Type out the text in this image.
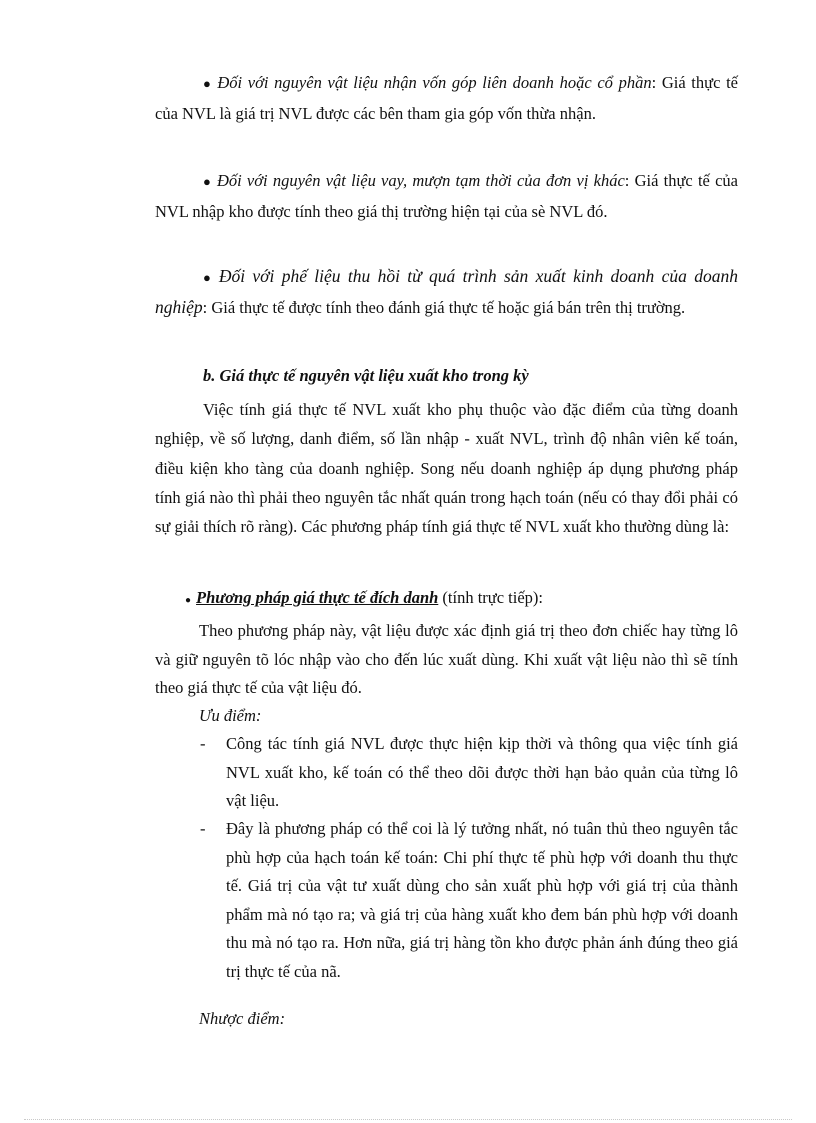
● Đối với nguyên vật liệu nhận vốn góp liên doanh hoặc cổ phần: Giá thực tế của NVL là giá trị NVL được các bên tham gia góp vốn thừa nhận.

● Đối với nguyên vật liệu vay, mượn tạm thời của đơn vị khác: Giá thực tế của NVL nhập kho được tính theo giá thị trường hiện tại của sè NVL đó.

● Đối với phế liệu thu hồi từ quá trình sản xuất kinh doanh của doanh nghiệp: Giá thực tế được tính theo đánh giá thực tế hoặc giá bán trên thị trường.

b. Giá thực tế nguyên vật liệu xuất kho trong kỳ

Việc tính giá thực tế NVL xuất kho phụ thuộc vào đặc điểm của từng doanh nghiệp, về số lượng, danh điểm, số lần nhập - xuất NVL, trình độ nhân viên kế toán, điều kiện kho tàng của doanh nghiệp. Song nếu doanh nghiệp áp dụng phương pháp tính giá nào thì phải theo nguyên tắc nhất quán trong hạch toán (nếu có thay đổi phải có sự giải thích rõ ràng). Các phương pháp tính giá thực tế NVL xuất kho thường dùng là:

● Phương pháp giá thực tế đích danh (tính trực tiếp):

Theo phương pháp này, vật liệu được xác định giá trị theo đơn chiếc hay từng lô và giữ nguyên tõ lóc nhập vào cho đến lúc xuất dùng. Khi xuất vật liệu nào thì sẽ tính theo giá thực tế của vật liệu đó.

Ưu điểm:

- Công tác tính giá NVL được thực hiện kịp thời và thông qua việc tính giá NVL xuất kho, kế toán có thể theo dõi được thời hạn bảo quản của từng lô vật liệu.
- Đây là phương pháp có thể coi là lý tưởng nhất, nó tuân thủ theo nguyên tắc phù hợp của hạch toán kế toán: Chi phí thực tế phù hợp với doanh thu thực tế. Giá trị của vật tư xuất dùng cho sản xuất phù hợp với giá trị của thành phẩm mà nó tạo ra; và giá trị của hàng xuất kho đem bán phù hợp với doanh thu mà nó tạo ra. Hơn nữa, giá trị hàng tồn kho được phản ánh đúng theo giá trị thực tế của nã.

Nhược điểm:
